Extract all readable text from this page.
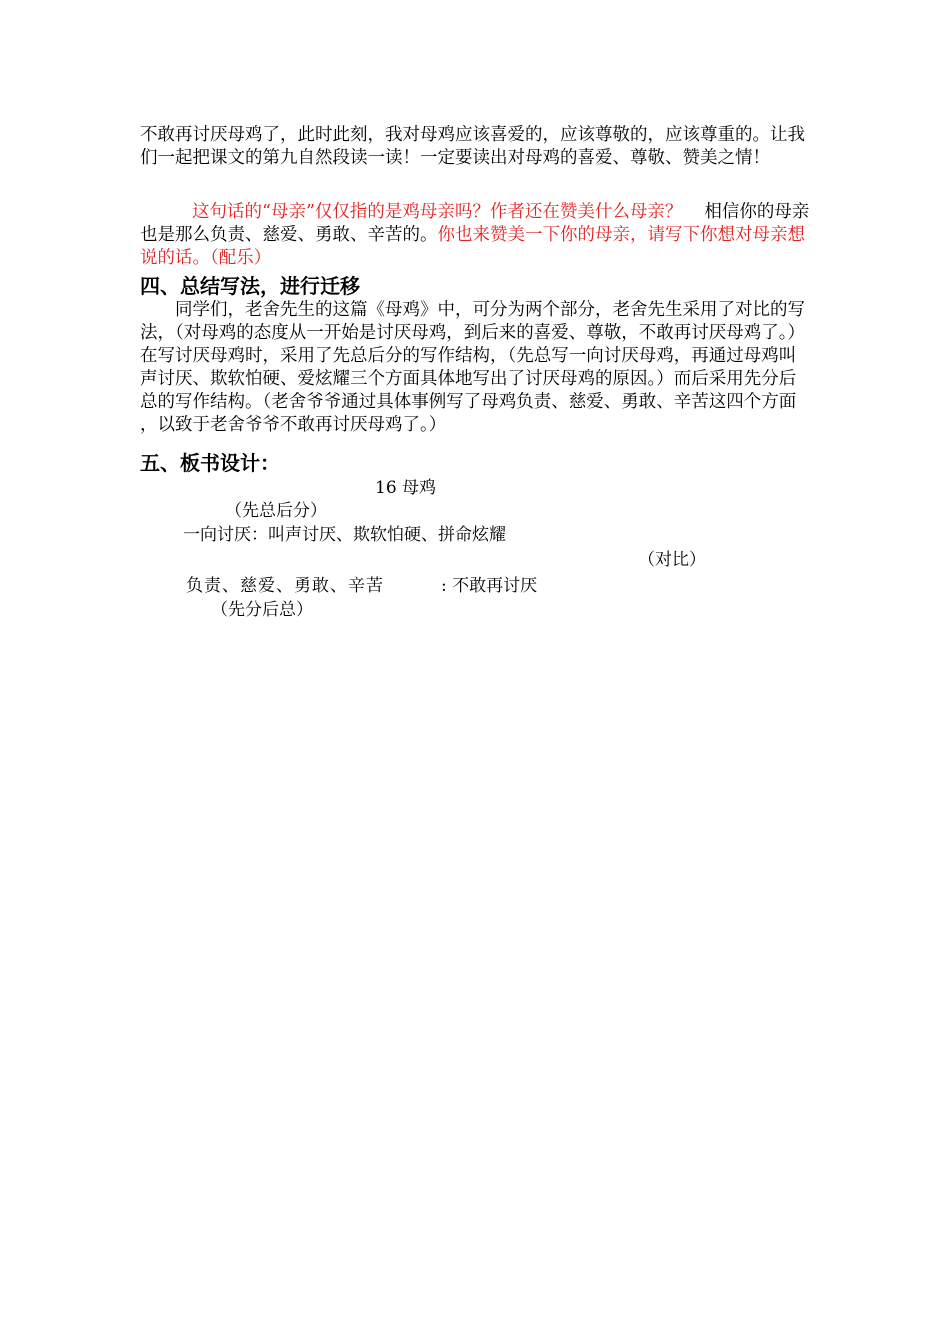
不敢再讨厌母鸡了，此时此刻，我对母鸡应该喜爱的，应该尊敬的，应该尊重的。让我们一起把课文的第九自然段读一读！一定要读出对母鸡的喜爱、尊敬、赞美之情！
这句话的“母亲”仅仅指的是鸡母亲吗？作者还在赞美什么母亲？ 相信你的母亲也是那么负责、慈爱、勇敢、辛苦的。你也来赞美一下你的母亲，请写下你想对母亲想说的话。（配乐）
四、总结写法，进行迁移
同学们，老舍先生的这篇《母鸡》中，可分为两个部分，老舍先生采用了对比的写法，（对母鸡的态度从一开始是讨厌母鸡，到后来的喜爱、尊敬，不敢再讨厌母鸡了。）在写讨厌母鸡时，采用了先总后分的写作结构，（先总写一向讨厌母鸡，再通过母鸡叫声讨厌、欺软怕硬、爱炫耀三个方面具体地写出了讨厌母鸡的原因。）而后采用先分后总的写作结构。（老舍爷爷通过具体事例写了母鸡负责、慈爱、勇敢、辛苦这四个方面 ，以致于老舍爷爷不敢再讨厌母鸡了。）
五、板书设计：
16 母鸡
（先总后分）
一向讨厌：叫声讨厌、欺软怕硬、拼命炫耀
（对比）
负责、慈爱、勇敢、辛苦	: 不敢再讨厌
（先分后总）
